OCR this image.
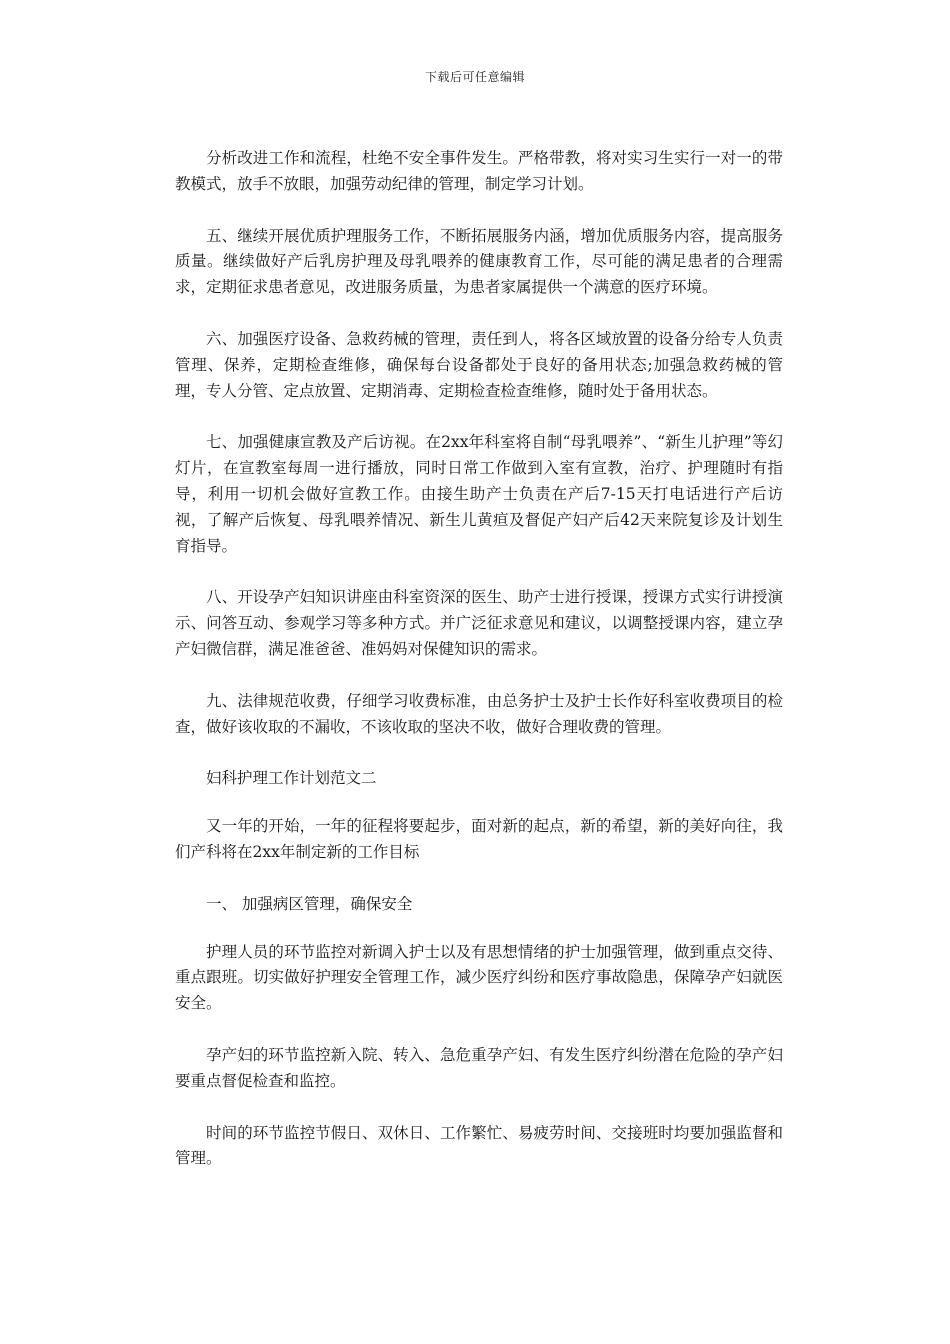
下载后可任意编辑

分析改进工作和流程，杜绝不安全事件发生。严格带教，将对实习生实行一对一的带教模式，放手不放眼，加强劳动纪律的管理，制定学习计划。

五、继续开展优质护理服务工作，不断拓展服务内涵，增加优质服务内容，提高服务质量。继续做好产后乳房护理及母乳喂养的健康教育工作，尽可能的满足患者的合理需求，定期征求患者意见，改进服务质量，为患者家属提供一个满意的医疗环境。

六、加强医疗设备、急救药械的管理，责任到人，将各区域放置的设备分给专人负责管理、保养，定期检查维修，确保每台设备都处于良好的备用状态;加强急救药械的管理，专人分管、定点放置、定期消毒、定期检查检查维修，随时处于备用状态。

七、加强健康宣教及产后访视。在2xx年科室将自制“母乳喂养”、“新生儿护理”等幻灯片，在宣教室每周一进行播放，同时日常工作做到入室有宣教，治疗、护理随时有指导，利用一切机会做好宣教工作。由接生助产士负责在产后7-15天打电话进行产后访视，了解产后恢复、母乳喂养情况、新生儿黄疸及督促产妇产后42天来院复诊及计划生育指导。

八、开设孕产妇知识讲座由科室资深的医生、助产士进行授课，授课方式实行讲授演示、问答互动、参观学习等多种方式。并广泛征求意见和建议，以调整授课内容，建立孕产妇微信群，满足准爸爸、准妈妈对保健知识的需求。

九、法律规范收费，仔细学习收费标准，由总务护士及护士长作好科室收费项目的检查，做好该收取的不漏收，不该收取的坚决不收，做好合理收费的管理。

妇科护理工作计划范文二

又一年的开始，一年的征程将要起步，面对新的起点，新的希望，新的美好向往，我们产科将在2xx年制定新的工作目标

一、 加强病区管理，确保安全

护理人员的环节监控对新调入护士以及有思想情绪的护士加强管理，做到重点交待、重点跟班。切实做好护理安全管理工作，减少医疗纠纷和医疗事故隐患，保障孕产妇就医安全。

孕产妇的环节监控新入院、转入、急危重孕产妇、有发生医疗纠纷潜在危险的孕产妇要重点督促检查和监控。

时间的环节监控节假日、双休日、工作繁忙、易疲劳时间、交接班时均要加强监督和管理。
